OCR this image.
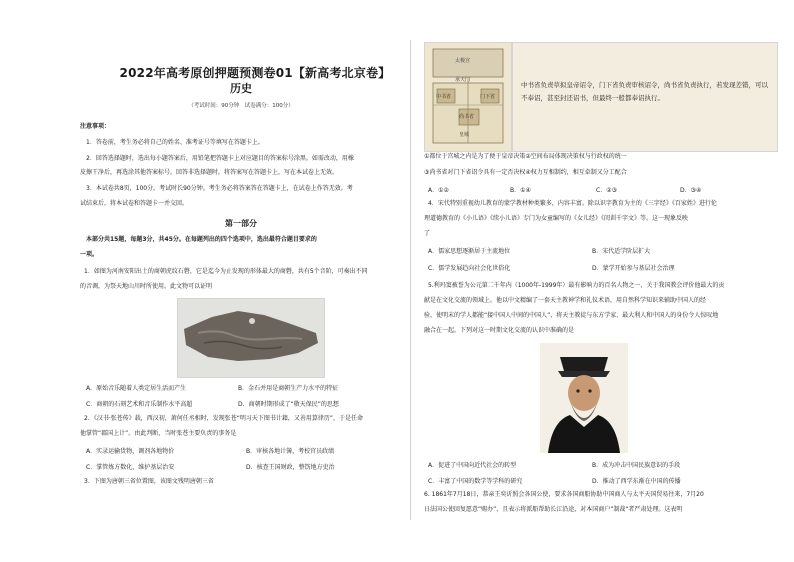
2022年高考原创押题预测卷01【新高考北京卷】
历史
（考试时间：90分钟　试卷满分：100分）
注意事项：
1．答卷前，考生务必将自己的姓名、准考证号等填写在答题卡上。
2．回答选择题时，选出每小题答案后，用铅笔把答题卡上对应题目的答案标号涂黑。如需改动，用橡
皮擦干净后，再选涂其他答案标号。回答非选择题时，将答案写在答题卡上，写在本试卷上无效。
3．本试卷共8页，100分。考试时长90分钟。考生务必将答案答在答题卡上，在试卷上作答无效。考
试结束后，将本试卷和答题卡一并交回。
第一部分
本部分共15题，每题3分，共45分。在每题列出的四个选项中，选出最符合题目要求的
一项。
1．如图为河南安阳出土的商朝虎纹石磬，它是迄今为止发现的形体最大的商磬，共有5个音阶，可奏出不同
的音调，为祭天地山川时所使用。此文物可以证明
A．原始音乐随着人类定居生活而产生	B．金石并用是商朝生产力水平的特征
C．商朝的石刻艺术和音乐制作水平高超	D．商朝时期形成了“敬天保民”的思想
2．《汉书·张苍传》载，西汉初，萧何任丞相时，发现张苍“明习天下图书计籍，又善用算律历”，于是任命
他掌管“郡国上计”。由此判断，当时张苍主要负责的事务是
A．实录运输货物，调剂各地物价	B．审核各地计簿，考校官员政绩
C．掌管炼方数化，维护基层治安	D．核查王国财政，整饬地方吏治
3．下图为唐朝三省位置图，该图文残明唐朝三省
太极宫
承天门
中书省	门下省
尚书省
皇城
中书省负责草拟皇帝诏令，门下省负责审核诏令，尚书省负责执行，若发现差错，可以不奉诏，甚至封还诏书，但最终一般都奉诏执行。
①都位于宫城之内是为了便于皇帝决策②空间布局体现决策权与行政权的统一
③尚书省对门下省诏令具有一定否决权④权力互相制约，相互牵制又分工配合
A．①②	B．①④	C．②③	D．③④
4．宋代特别重视幼儿教育的蒙学教材种类繁多，内容丰富。除以识字教育为主的《三字经》《百家姓》进行伦
理道德教育的《小儿语》《续小儿语》专门为女童编写的《女儿经》《闺训千字文》等。这一现象反映
了
A．儒家思想逐渐居于主流地位	B．宋代适学阶层扩大
C．儒学发展趋向社会化世俗化	D．蒙学开始参与基层社会治理
5.利玛窦被誉为公元第二千年内（1000年-1999年）最有影响力的百名人物之一，关于我国教会评价他最大的贡
献是在文化交流的领域上。他以中文精编了一套天主教神学和礼仪术语，用自然科学知识来辅助中国人的经
验，使明末的学人都能“接中国人中间的中国人”，将天主教徒与东方学家、最大利人和中国人的身份令人惊叹地
融合在一起。下列对这一时期文化交流的认识中准确的是
A．促进了中国向近代社会的转型	B．成为冲击中国民族意识的手段
C．丰富了中国的数学等学科的研究	D．推动了西学东渐在中国的传播
6. 1861年7月18日，恭亲王奕䜣照会各国公使，要求各国商船协助中国商人与太平天国贸易往来，7月20
日法国公使回复愿意“赐办”，且表示将派船帮助长江沿途，对本国商户”制裁“者严肃处理。这表明
